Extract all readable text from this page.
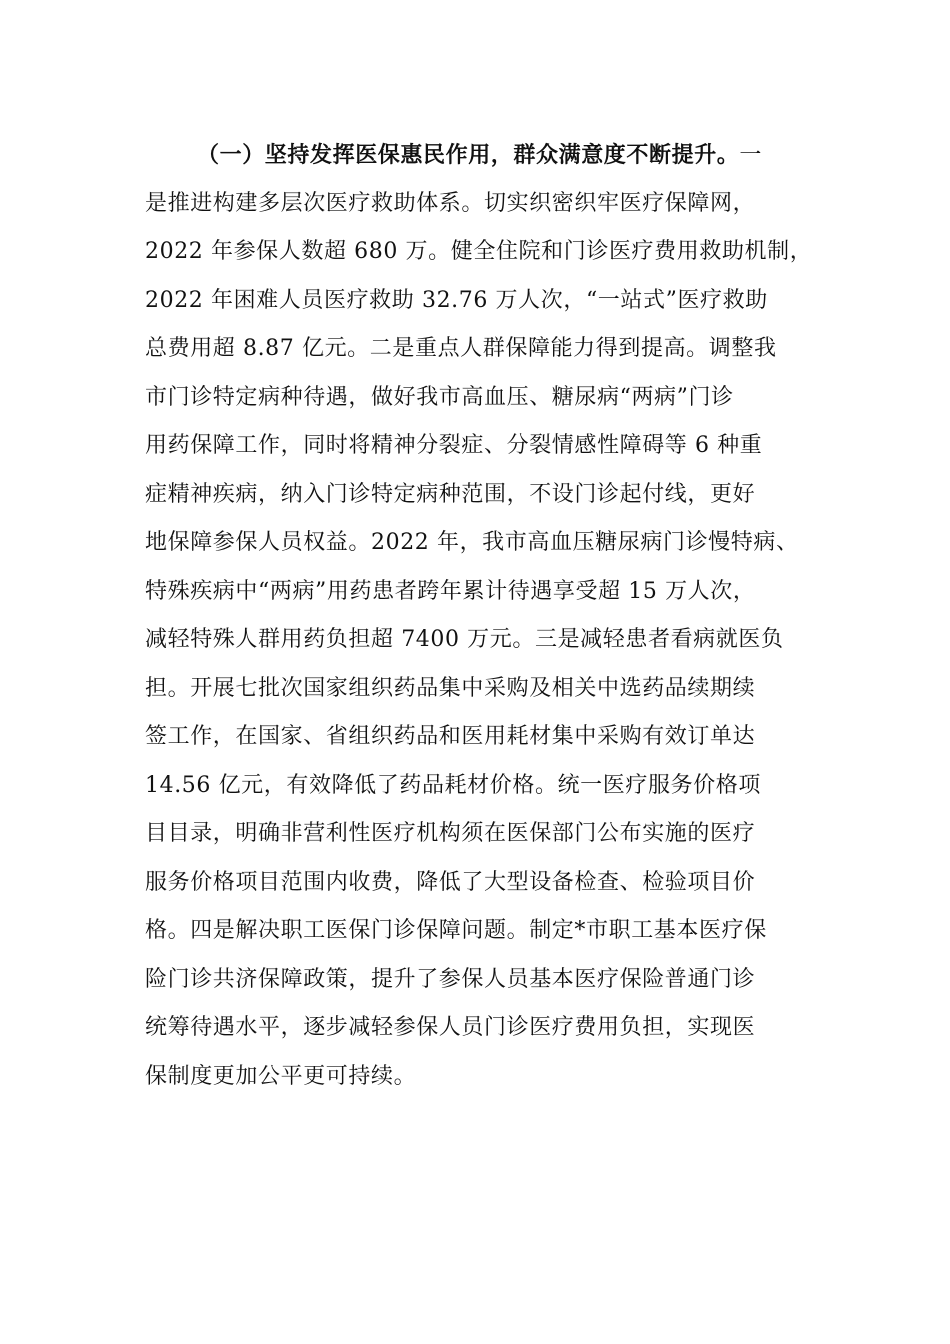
（一）坚持发挥医保惠民作用，群众满意度不断提升。一
是推进构建多层次医疗救助体系。切实织密织牢医疗保障网，
2022 年参保人数超 680 万。健全住院和门诊医疗费用救助机制，
2022 年困难人员医疗救助 32.76 万人次，“一站式”医疗救助
总费用超 8.87 亿元。二是重点人群保障能力得到提高。调整我
市门诊特定病种待遇，做好我市高血压、糖尿病“两病”门诊
用药保障工作，同时将精神分裂症、分裂情感性障碍等 6 种重
症精神疾病，纳入门诊特定病种范围，不设门诊起付线，更好
地保障参保人员权益。2022 年，我市高血压糖尿病门诊慢特病、
特殊疾病中“两病”用药患者跨年累计待遇享受超 15 万人次，
减轻特殊人群用药负担超 7400 万元。三是减轻患者看病就医负
担。开展七批次国家组织药品集中采购及相关中选药品续期续
签工作，在国家、省组织药品和医用耗材集中采购有效订单达
14.56 亿元，有效降低了药品耗材价格。统一医疗服务价格项
目目录，明确非营利性医疗机构须在医保部门公布实施的医疗
服务价格项目范围内收费，降低了大型设备检查、检验项目价
格。四是解决职工医保门诊保障问题。制定*市职工基本医疗保
险门诊共济保障政策，提升了参保人员基本医疗保险普通门诊
统筹待遇水平，逐步减轻参保人员门诊医疗费用负担，实现医
保制度更加公平更可持续。
